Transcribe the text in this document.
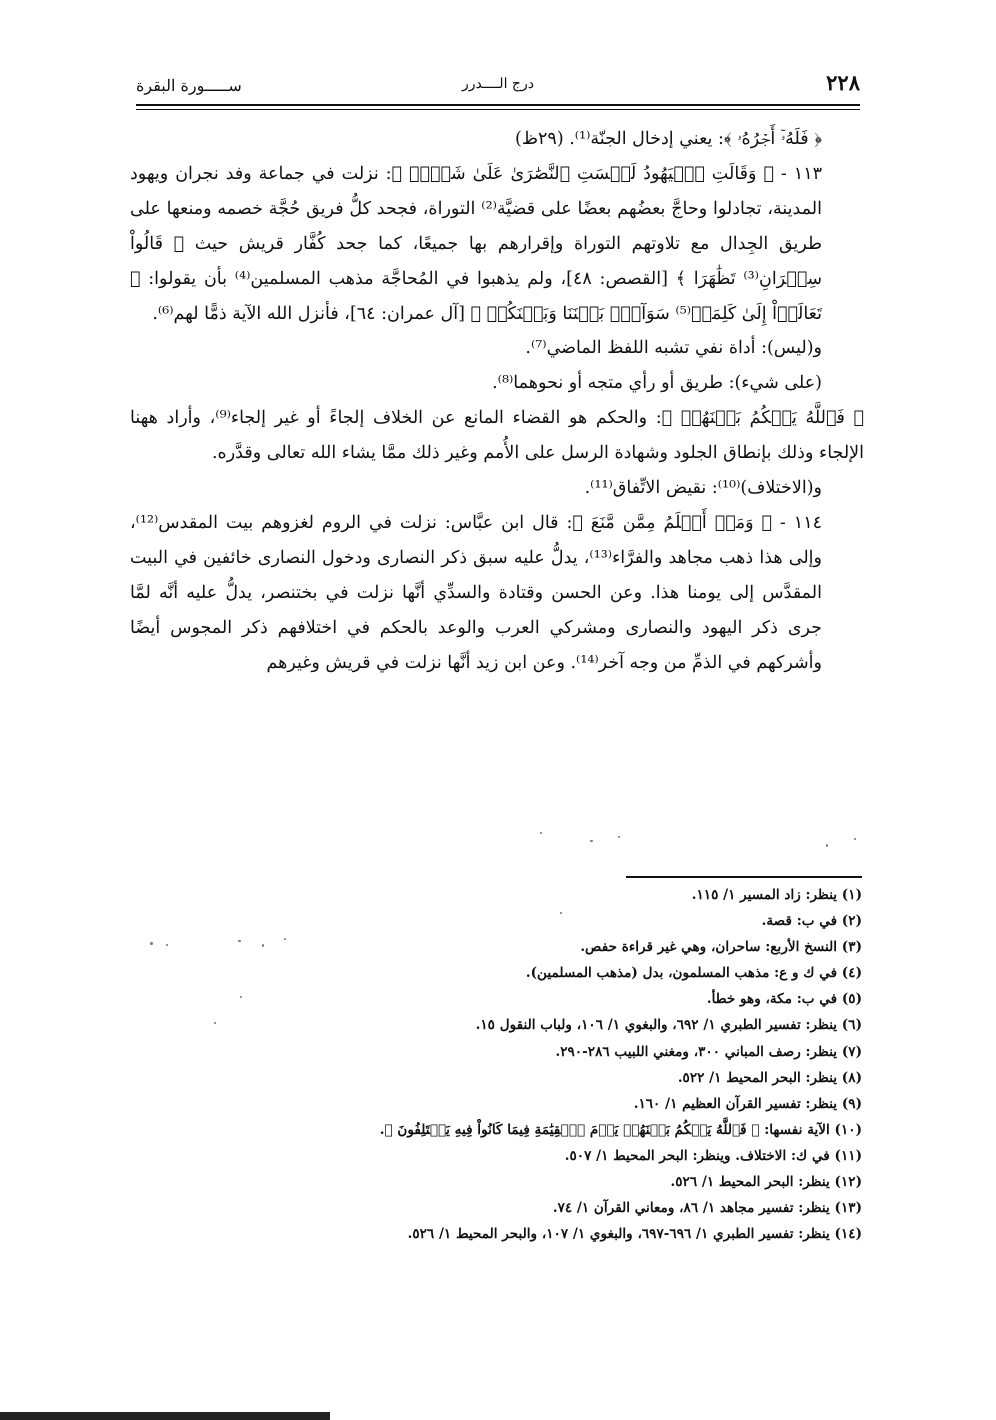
٢٢٨
درج الــــدرر
ســـــورة البقرة

﴿ فَلَهُۥٓ أَجۡرُهُۥ ﴾: يعني إدخال الجنّة⁽¹⁾. (٢٩ظ)

١١٣ - ﴿ وَقَالَتِ ٱلۡيَهُودُ لَيۡسَتِ ٱلنَّصَٰرَىٰ عَلَىٰ شَيۡءٖ ﴾: نزلت في جماعة وفد نجران ويهود المدينة، تجادلوا وحاجَّ بعضُهم بعضًا على قضيَّة⁽²⁾ التوراة، فجحد كلُّ فريق حُجَّة خصمه ومنعها على طريق الجِدال مع تلاوتهم التوراة وإقرارهم بها جميعًا، كما جحد كُفَّار قريش حيث ﴿ قَالُواْ سِحۡرَانِ⁽³⁾ تَظَٰهَرَا ﴾ [القصص: ٤٨]، ولم يذهبوا في المُحاجَّة مذهب المسلمين⁽⁴⁾ بأن يقولوا: ﴿ تَعَالَوۡاْ إِلَىٰ كَلِمَةٖ⁽⁵⁾ سَوَآءِۭ بَيۡنَنَا وَبَيۡنَكُمۡ ﴾ [آل عمران: ٦٤]، فأنزل الله الآية ذمًّا لهم⁽⁶⁾.

و(ليس): أداة نفي تشبه اللفظ الماضي⁽⁷⁾.

(على شيء): طريق أو رأي متجه أو نحوهما⁽⁸⁾.

﴿ فَٱللَّهُ يَحۡكُمُ بَيۡنَهُمۡ ﴾: والحكم هو القضاء المانع عن الخلاف إلجاءً أو غير إلجاء⁽⁹⁾، وأراد ههنا الإلجاء وذلك بإنطاق الجلود وشهادة الرسل على الأُمم وغير ذلك ممَّا يشاء الله تعالى وقدَّره.

و(الاختلاف)⁽¹⁰⁾: نقيض الاتِّفاق⁽¹¹⁾.

١١٤ - ﴿ وَمَنۡ أَظۡلَمُ مِمَّن مَّنَعَ ﴾: قال ابن عبَّاس: نزلت في الروم لغزوهم بيت المقدس⁽¹²⁾، وإلى هذا ذهب مجاهد والفرَّاء⁽¹³⁾، يدلُّ عليه سبق ذكر النصارى ودخول النصارى خائفين في البيت المقدَّس إلى يومنا هذا. وعن الحسن وقتادة والسدِّي أنَّها نزلت في بختنصر، يدلُّ عليه أنَّه لمَّا جرى ذكر اليهود والنصارى ومشركي العرب والوعد بالحكم في اختلافهم ذكر المجوس أيضًا وأشركهم في الذمِّ من وجه آخر⁽¹⁴⁾. وعن ابن زيد أنَّها نزلت في قريش وغيرهم

(١) ينظر: زاد المسير ١/ ١١٥.
(٢) في ب: قصة.
(٣) النسخ الأربع: ساحران، وهي غير قراءة حفص.
(٤) في ك و ع: مذهب المسلمون، بدل (مذهب المسلمين).
(٥) في ب: مكة، وهو خطأ.
(٦) ينظر: تفسير الطبري ١/ ٦٩٢، والبغوي ١/ ١٠٦، ولباب النقول ١٥.
(٧) ينظر: رصف المباني ٣٠٠، ومغني اللبيب ٢٨٦-٢٩٠.
(٨) ينظر: البحر المحيط ١/ ٥٢٢.
(٩) ينظر: تفسير القرآن العظيم ١/ ١٦٠.
(١٠) الآية نفسها: ﴿ فَٱللَّهُ يَحۡكُمُ بَيۡنَهُمۡ يَوۡمَ ٱلۡقِيَٰمَةِ فِيمَا كَانُواْ فِيهِ يَخۡتَلِفُونَ ﴾.
(١١) في ك: الاختلاف. وينظر: البحر المحيط ١/ ٥٠٧.
(١٢) ينظر: البحر المحيط ١/ ٥٢٦.
(١٣) ينظر: تفسير مجاهد ١/ ٨٦، ومعاني القرآن ١/ ٧٤.
(١٤) ينظر: تفسير الطبري ١/ ٦٩٦-٦٩٧، والبغوي ١/ ١٠٧، والبحر المحيط ١/ ٥٢٦.
